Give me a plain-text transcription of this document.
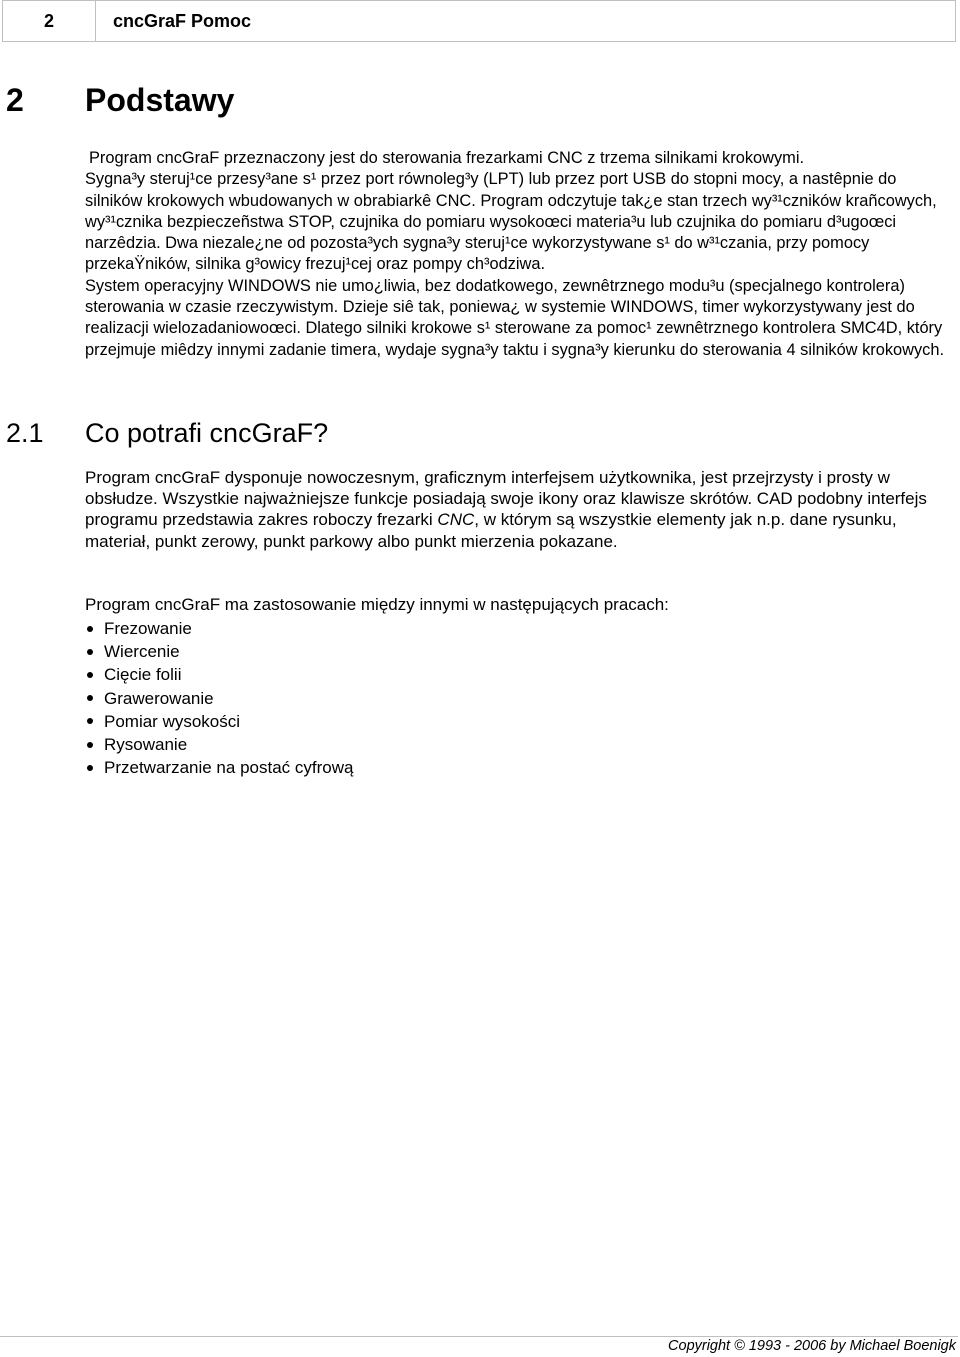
2	cncGraF Pomoc
2	Podstawy
Program cncGraF przeznaczony jest do sterowania frezarkami CNC z trzema silnikami krokowymi.
Sygna³y steruj¹ce przesy³ane s¹ przez port równoleg³y (LPT) lub przez port USB do stopni mocy, a nastêpnie do silników krokowych wbudowanych w obrabiarkê CNC. Program odczytuje tak¿e stan trzech wy³¹czników krañcowych, wy³¹cznika bezpieczeñstwa STOP, czujnika do pomiaru wysokoœci materia³u lub czujnika do pomiaru d³ugoœci narzêdzia. Dwa niezale¿ne od pozosta³ych sygna³y steruj¹ce wykorzystywane s¹ do w³¹czania, przy pomocy przekaŸników, silnika g³owicy frezuj¹cej oraz pompy ch³odziwa.
System operacyjny WINDOWS nie umo¿liwia, bez dodatkowego, zewnêtrznego modu³u (specjalnego kontrolera) sterowania w czasie rzeczywistym. Dzieje siê tak, poniewa¿ w systemie WINDOWS, timer wykorzystywany jest do realizacji wielozadaniowoœci. Dlatego silniki krokowe s¹ sterowane za pomoc¹ zewnêtrznego kontrolera SMC4D, który przejmuje miêdzy innymi zadanie timera, wydaje sygna³y taktu i sygna³y kierunku do sterowania 4 silników krokowych.
2.1	Co potrafi cncGraF?

Program cncGraF dysponuje nowoczesnym, graficznym interfejsem użytkownika, jest przejrzysty i prosty w obsłudze. Wszystkie najważniejsze funkcje posiadają swoje ikony oraz klawisze skrótów. CAD podobny interfejs programu przedstawia zakres roboczy frezarki CNC, w którym są wszystkie elementy jak n.p. dane rysunku, materiał, punkt zerowy, punkt parkowy albo punkt mierzenia pokazane.

Program cncGraF ma zastosowanie między innymi w następujących pracach:

Frezowanie
Wiercenie
Cięcie folii
Grawerowanie
Pomiar wysokości
Rysowanie
Przetwarzanie na postać cyfrową
Copyright © 1993 - 2006 by Michael Boenigk
